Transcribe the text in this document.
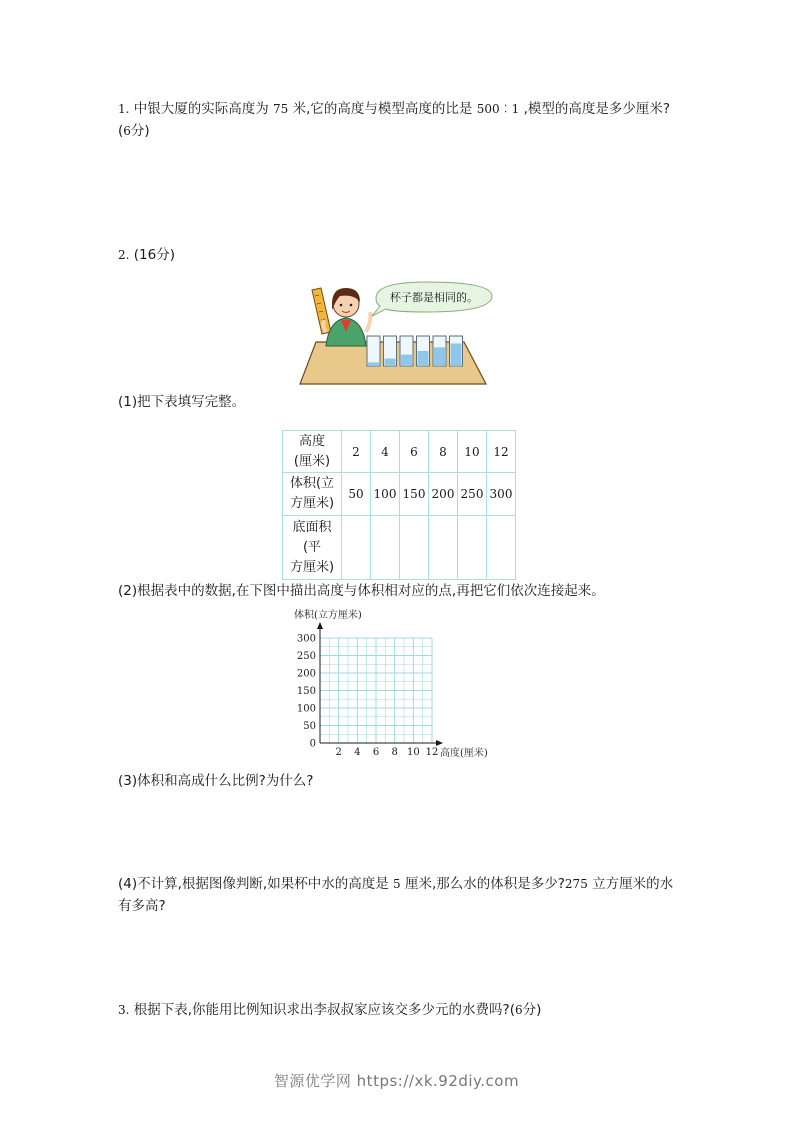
1. 中银大厦的实际高度为 75 米,它的高度与模型高度的比是 500︰1 ,模型的高度是多少厘米?(6分)
2. (16分)
杯子都是相同的。
(1)把下表填写完整。
高度
(厘米)	2	4	6	8	10	12

体积(立
方厘米)	50	100	150	200	250	300

底面积
(平
方厘米)						

(2)根据表中的数据,在下图中描出高度与体积相对应的点,再把它们依次连接起来。
体积(立方厘米)
高度(厘米)
0
50
100
150
200
250
300
2 4 6 8 10 12
(3)体积和高成什么比例?为什么?
(4)不计算,根据图像判断,如果杯中水的高度是 5 厘米,那么水的体积是多少?275 立方厘米的水有多高?
3. 根据下表,你能用比例知识求出李叔叔家应该交多少元的水费吗?(6分)
智源优学网 https://xk.92diy.com
